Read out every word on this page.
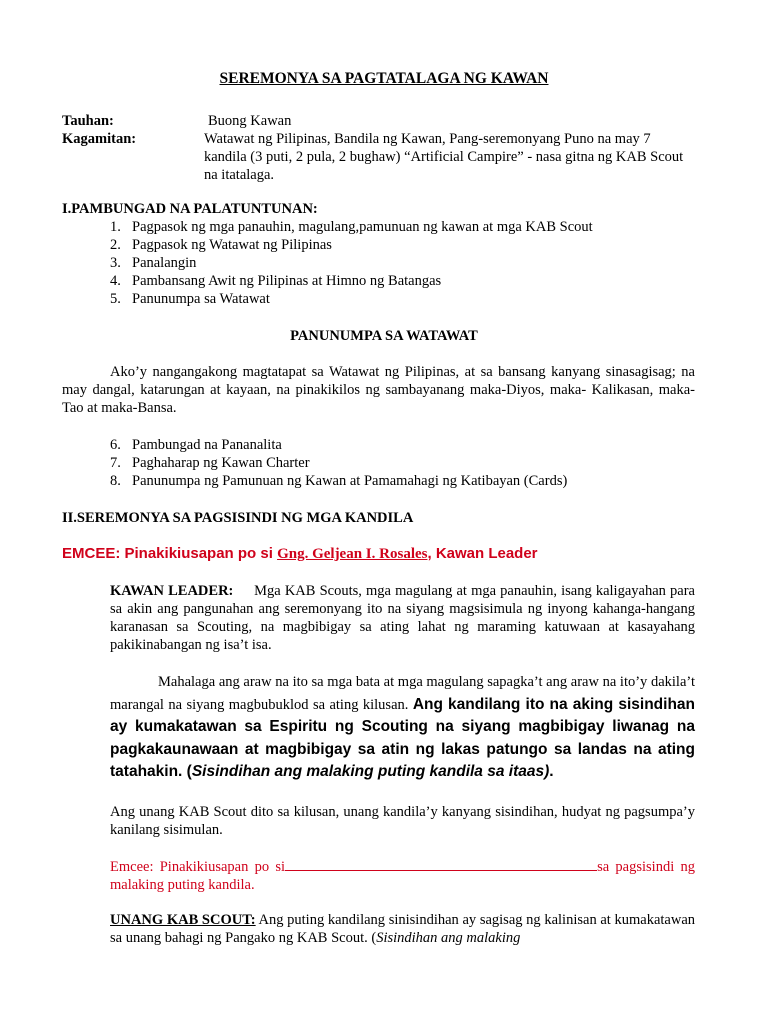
SEREMONYA SA PAGTATALAGA NG KAWAN
Tauhan:	Buong Kawan
Kagamitan:	Watawat ng Pilipinas, Bandila ng Kawan, Pang-seremonyang Puno na may 7 kandila (3 puti, 2 pula, 2 bughaw) “Artificial Campire” - nasa gitna ng KAB Scout na itatalaga.
I.PAMBUNGAD NA PALATUNTUNAN:
1. Pagpasok ng mga panauhin, magulang,pamunuan ng kawan at mga KAB Scout
2. Pagpasok ng Watawat ng Pilipinas
3. Panalangin
4. Pambansang Awit ng Pilipinas at Himno ng Batangas
5. Panunumpa sa Watawat
PANUNUMPA SA WATAWAT

Ako’y nangangakong magtatapat sa Watawat ng Pilipinas, at sa bansang kanyang sinasagisag; na may dangal, katarungan at kayaan, na pinakikilos ng sambayanang maka-Diyos, maka- Kalikasan, maka- Tao at maka-Bansa.

6. Pambungad na Pananalita
7. Paghaharap ng Kawan Charter
8. Panunumpa ng Pamunuan ng Kawan at Pamamahagi ng Katibayan (Cards)
II.SEREMONYA SA PAGSISINDI NG MGA KANDILA
EMCEE: Pinakikiusapan po si Gng. Geljean I. Rosales, Kawan Leader

KAWAN LEADER: Mga KAB Scouts, mga magulang at mga panauhin, isang kaligayahan para sa akin ang pangunahan ang seremonyang ito na siyang magsisimula ng inyong kahanga-hangang karanasan sa Scouting, na magbibigay sa ating lahat ng maraming katuwaan at kasayahang pakikinabangan ng isa’t isa.

Mahalaga ang araw na ito sa mga bata at mga magulang sapagka’t ang araw na ito’y dakila’t marangal na siyang magbubuklod sa ating kilusan. Ang kandilang ito na aking sisindihan ay kumakatawan sa Espiritu ng Scouting na siyang magbibigay liwanag na pagkakaunawaan at magbibigay sa atin ng lakas patungo sa landas na ating tatahakin. (Sisindihan ang malaking puting kandila sa itaas).

Ang unang KAB Scout dito sa kilusan, unang kandila’y kanyang sisindihan, hudyat ng pagsumpa’y kanilang sisimulan.

Emcee: Pinakikiusapan po si	sa pagsisindi ng malaking puting kandila.

UNANG KAB SCOUT: Ang puting kandilang sinisindihan ay sagisag ng kalinisan at kumakatawan sa unang bahagi ng Pangako ng KAB Scout. (Sisindihan ang malaking
